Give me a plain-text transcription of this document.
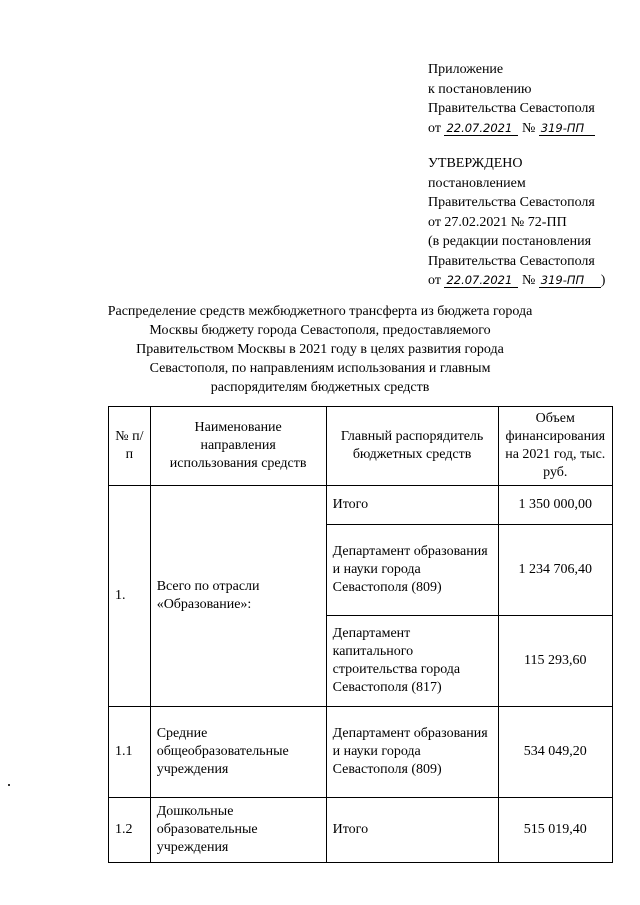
Приложение
к постановлению
Правительства Севастополя
от 22.07.2021 № 319-ПП
УТВЕРЖДЕНО
постановлением
Правительства Севастополя
от 27.02.2021 № 72-ПП
(в редакции постановления
Правительства Севастополя
от 22.07.2021 № 319-ПП )
Распределение средств межбюджетного трансферта из бюджета города Москвы бюджету города Севастополя, предоставляемого Правительством Москвы в 2021 году в целях развития города Севастополя, по направлениям использования и главным распорядителям бюджетных средств
№ п/п	Наименование направления использования средств	Главный распорядитель бюджетных средств	Объем финансирования на 2021 год, тыс. руб.
1.	Всего по отрасли «Образование»:	Итого	1 350 000,00
		Департамент образования и науки города Севастополя (809)	1 234 706,40
		Департамент капитального строительства города Севастополя (817)	115 293,60
1.1	Средние общеобразовательные учреждения	Департамент образования и науки города Севастополя (809)	534 049,20
1.2	Дошкольные образовательные учреждения	Итого	515 019,40
